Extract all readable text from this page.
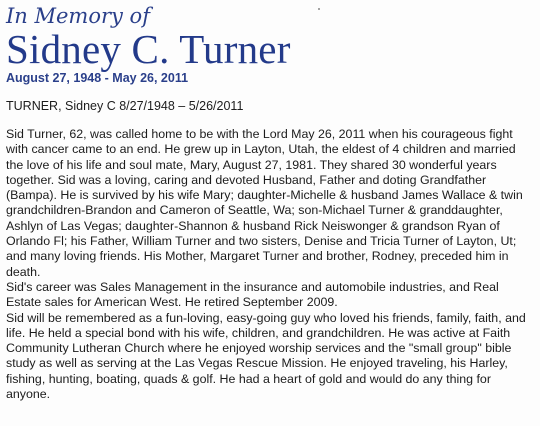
In Memory of
Sidney C. Turner
August 27, 1948 - May 26, 2011
TURNER, Sidney C 8/27/1948 – 5/26/2011

Sid Turner, 62, was called home to be with the Lord May 26, 2011 when his courageous fight with cancer came to an end. He grew up in Layton, Utah, the eldest of 4 children and married the love of his life and soul mate, Mary, August 27, 1981. They shared 30 wonderful years together. Sid was a loving, caring and devoted Husband, Father and doting Grandfather (Bampa). He is survived by his wife Mary; daughter-Michelle & husband James Wallace & twin grandchildren-Brandon and Cameron of Seattle, Wa; son-Michael Turner & granddaughter, Ashlyn of Las Vegas; daughter-Shannon & husband Rick Neiswonger & grandson Ryan of Orlando Fl; his Father, William Turner and two sisters, Denise and Tricia Turner of Layton, Ut; and many loving friends. His Mother, Margaret Turner and brother, Rodney, preceded him in death.

Sid's career was Sales Management in the insurance and automobile industries, and Real Estate sales for American West. He retired September 2009.

Sid will be remembered as a fun-loving, easy-going guy who loved his friends, family, faith, and life. He held a special bond with his wife, children, and grandchildren. He was active at Faith Community Lutheran Church where he enjoyed worship services and the "small group" bible study as well as serving at the Las Vegas Rescue Mission. He enjoyed traveling, his Harley, fishing, hunting, boating, quads & golf. He had a heart of gold and would do any thing for anyone.
